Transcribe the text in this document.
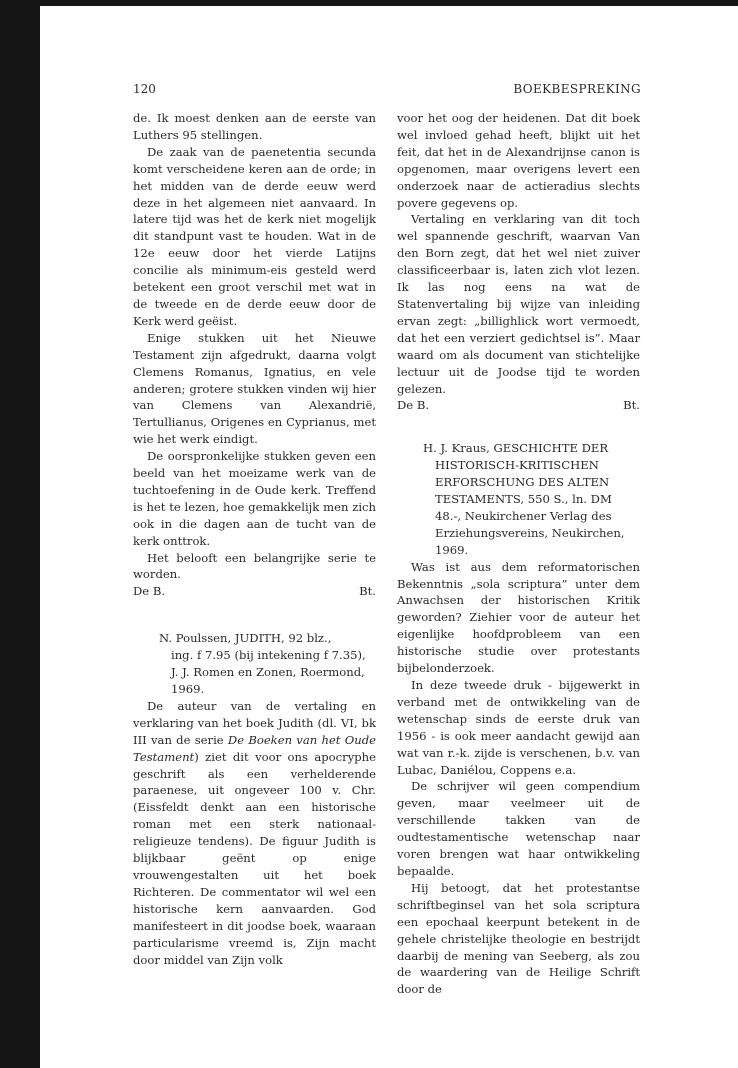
120	BOEKBESPREKING

de. Ik moest denken aan de eerste van Luthers 95 stellingen.

De zaak van de paenetentia secunda komt verscheidene keren aan de orde; in het midden van de derde eeuw werd deze in het algemeen niet aanvaard. In latere tijd was het de kerk niet mogelijk dit standpunt vast te houden. Wat in de 12e eeuw door het vierde Latijns concilie als minimum-eis gesteld werd betekent een groot verschil met wat in de tweede en de derde eeuw door de Kerk werd geëist.

Enige stukken uit het Nieuwe Testament zijn afgedrukt, daarna volgt Clemens Romanus, Ignatius, en vele anderen; grotere stukken vinden wij hier van Clemens van Alexandrië, Tertullianus, Origenes en Cyprianus, met wie het werk eindigt.

De oorspronkelijke stukken geven een beeld van het moeizame werk van de tuchtoefening in de Oude kerk. Treffend is het te lezen, hoe gemakkelijk men zich ook in die dagen aan de tucht van de kerk onttrok.

Het belooft een belangrijke serie te worden.

De B.	Bt.

N. Poulssen, JUDITH, 92 blz.,
ing. f 7.95 (bij intekening f 7.35), J. J. Romen en Zonen, Roermond, 1969.

De auteur van de vertaling en verklaring van het boek Judith (dl. VI, bk III van de serie De Boeken van het Oude Testament) ziet dit voor ons apocryphe geschrift als een verhelderende paraenese, uit ongeveer 100 v. Chr. (Eissfeldt denkt aan een historische roman met een sterk nationaal-religieuze tendens). De figuur Judith is blijkbaar geënt op enige vrouwengestalten uit het boek Richteren. De commentator wil wel een historische kern aanvaarden. God manifesteert in dit joodse boek, waaraan particularisme vreemd is, Zijn macht door middel van Zijn volk

voor het oog der heidenen. Dat dit boek wel invloed gehad heeft, blijkt uit het feit, dat het in de Alexandrijnse canon is opgenomen, maar overigens levert een onderzoek naar de actieradius slechts povere gegevens op.

Vertaling en verklaring van dit toch wel spannende geschrift, waarvan Van den Born zegt, dat het wel niet zuiver classificeerbaar is, laten zich vlot lezen. Ik las nog eens na wat de Statenvertaling bij wijze van inleiding ervan zegt: „billighlick wort vermoedt, dat het een verziert gedichtsel is”. Maar waard om als document van stichtelijke lectuur uit de Joodse tijd te worden gelezen.

De B.	Bt.

H. J. Kraus, GESCHICHTE DER
HISTORISCH-KRITISCHEN ERFORSCHUNG DES ALTEN TESTAMENTS, 550 S., ln. DM 48.-, Neukirchener Verlag des Erziehungsvereins, Neukirchen, 1969.

Was ist aus dem reformatorischen Bekenntnis „sola scriptura” unter dem Anwachsen der historischen Kritik geworden? Ziehier voor de auteur het eigenlijke hoofdprobleem van een historische studie over protestants bijbelonderzoek.

In deze tweede druk - bijgewerkt in verband met de ontwikkeling van de wetenschap sinds de eerste druk van 1956 - is ook meer aandacht gewijd aan wat van r.-k. zijde is verschenen, b.v. van Lubac, Daniélou, Coppens e.a.

De schrijver wil geen compendium geven, maar veelmeer uit de verschillende takken van de oudtestamentische wetenschap naar voren brengen wat haar ontwikkeling bepaalde.

Hij betoogt, dat het protestantse schriftbeginsel van het sola scriptura een epochaal keerpunt betekent in de gehele christelijke theologie en bestrijdt daarbij de mening van Seeberg, als zou de waardering van de Heilige Schrift door de
